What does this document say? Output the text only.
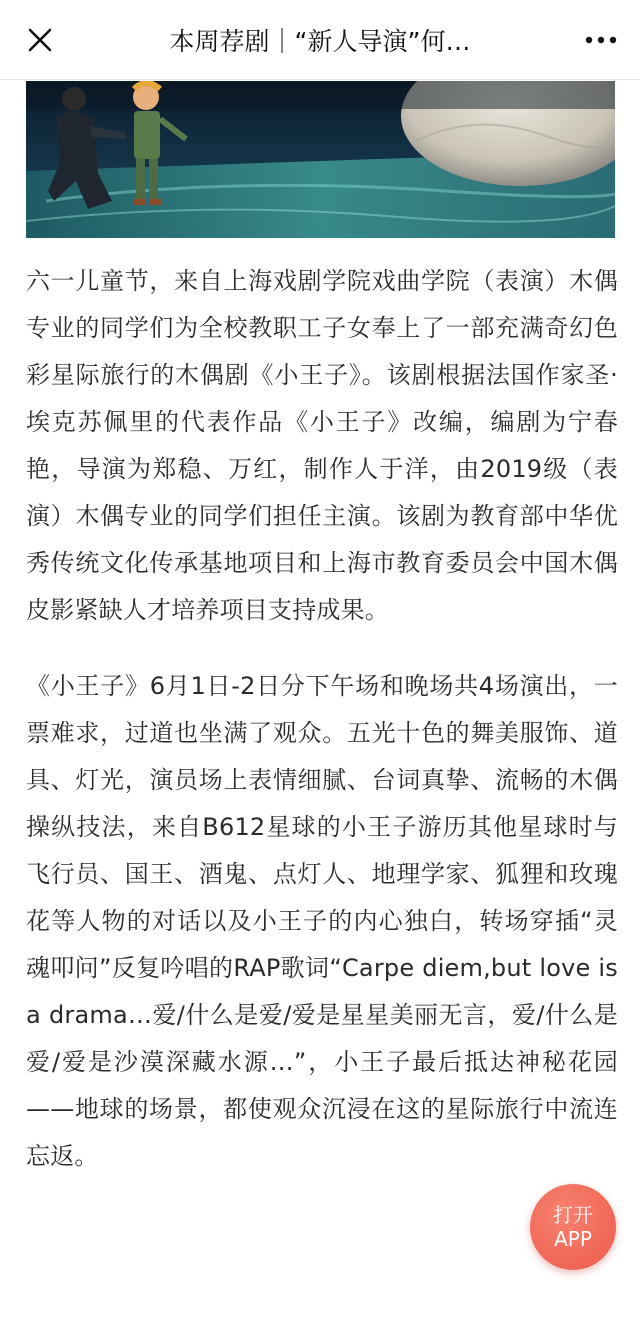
本周荐剧｜“新人导演”何…

六一儿童节，来自上海戏剧学院戏曲学院（表演）木偶专业的同学们为全校教职工子女奉上了一部充满奇幻色彩星际旅行的木偶剧《小王子》。该剧根据法国作家圣·埃克苏佩里的代表作品《小王子》改编，编剧为宁春艳，导演为郑稳、万红，制作人于洋，由2019级（表演）木偶专业的同学们担任主演。该剧为教育部中华优秀传统文化传承基地项目和上海市教育委员会中国木偶皮影紧缺人才培养项目支持成果。

《小王子》6月1日-2日分下午场和晚场共4场演出，一票难求，过道也坐满了观众。五光十色的舞美服饰、道具、灯光，演员场上表情细腻、台词真挚、流畅的木偶操纵技法，来自B612星球的小王子游历其他星球时与飞行员、国王、酒鬼、点灯人、地理学家、狐狸和玫瑰花等人物的对话以及小王子的内心独白，转场穿插“灵魂叩问”反复吟唱的RAP歌词“Carpe diem,but love is a drama…爱/什么是爱/爱是星星美丽无言，爱/什么是爱/爱是沙漠深藏水源…”，小王子最后抵达神秘花园——地球的场景，都使观众沉浸在这的星际旅行中流连忘返。

打开
APP
